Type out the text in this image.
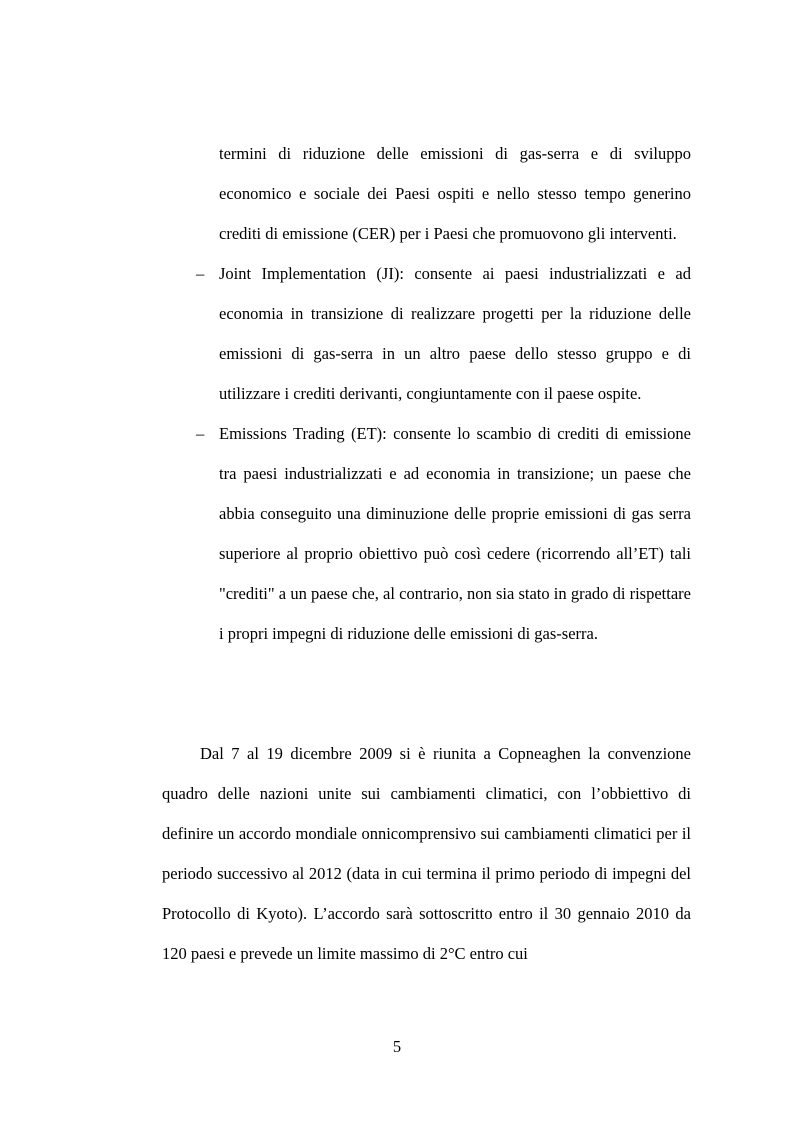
termini di riduzione delle emissioni di gas-serra e di sviluppo economico e sociale dei Paesi ospiti e nello stesso tempo generino crediti di emissione (CER) per i Paesi che promuovono gli interventi.
– Joint Implementation (JI): consente ai paesi industrializzati e ad economia in transizione di realizzare progetti per la riduzione delle emissioni di gas-serra in un altro paese dello stesso gruppo e di utilizzare i crediti derivanti, congiuntamente con il paese ospite.
– Emissions Trading (ET): consente lo scambio di crediti di emissione tra paesi industrializzati e ad economia in transizione; un paese che abbia conseguito una diminuzione delle proprie emissioni di gas serra superiore al proprio obiettivo può così cedere (ricorrendo all’ET) tali "crediti" a un paese che, al contrario, non sia stato in grado di rispettare i propri impegni di riduzione delle emissioni di gas-serra.

Dal 7 al 19 dicembre 2009 si è riunita a Copneaghen la convenzione quadro delle nazioni unite sui cambiamenti climatici, con l’obbiettivo di definire un accordo mondiale onnicomprensivo sui cambiamenti climatici per il periodo successivo al 2012 (data in cui termina il primo periodo di impegni del Protocollo di Kyoto). L’accordo sarà sottoscritto entro il 30 gennaio 2010 da 120 paesi e prevede un limite massimo di 2°C entro cui

5
